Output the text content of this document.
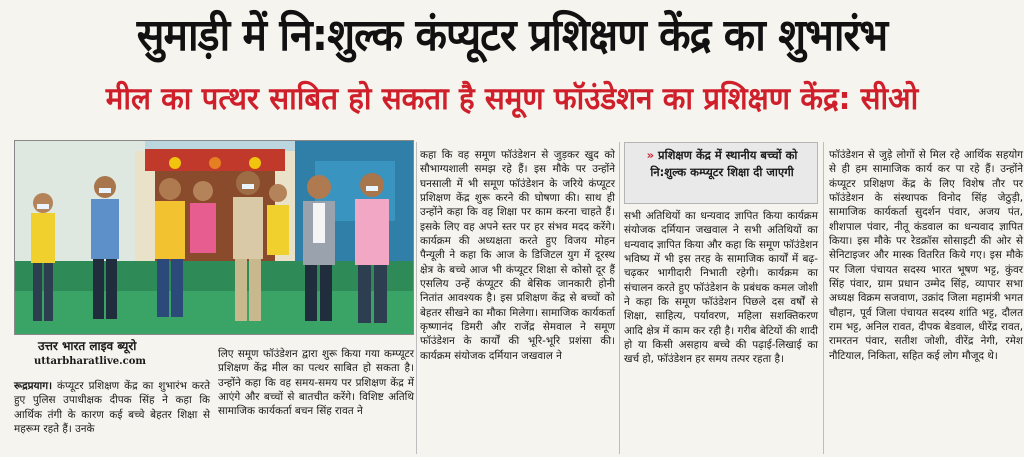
सुमाड़ी में नि:शुल्क कंप्यूटर प्रशिक्षण केंद्र का शुभारंभ
मील का पत्थर साबित हो सकता है समूण फॉउंडेशन का प्रशिक्षण केंद्र: सीओ
उत्तर भारत लाइव ब्यूरो
uttarbharatlive.com

रूद्रप्रयाग। कंप्यूटर प्रशिक्षण केंद्र का शुभारंभ करते हुए पुलिस उपाधीक्षक दीपक सिंह ने कहा कि आर्थिक तंगी के कारण कई बच्चे बेहतर शिक्षा से महरूम रहते हैं। उनके

लिए समूण फॉउंडेशन द्वारा शुरू किया गया कम्प्यूटर प्रशिक्षण केंद्र मील का पत्थर साबित हो सकता है। उन्होंने कहा कि वह समय-समय पर प्रशिक्षण केंद्र में आएंगे और बच्चों से बातचीत करेंगे। विशिष्ट अतिथि सामाजिक कार्यकर्ता बचन सिंह रावत ने

कहा कि वह समूण फॉउंडेशन से जुड़कर खुद को सौभाग्यशाली समझ रहे हैं। इस मौके पर उन्होंने घनसाली में भी समूण फॉउंडेशन के जरिये कंप्यूटर प्रशिक्षण केंद्र शुरू करने की घोषणा की। साथ ही उन्होंने कहा कि वह शिक्षा पर काम करना चाहते हैं। इसके लिए वह अपने स्तर पर हर संभव मदद करेंगे। कार्यक्रम की अध्यक्षता करते हुए विजय मोहन पैन्यूली ने कहा कि आज के डिजिटल युग में दूरस्थ क्षेत्र के बच्चे आज भी कंप्यूटर शिक्षा से कोसो दूर हैं एसलिय उन्हें कंप्यूटर की बेसिक जानकारी होनी नितांत आवश्यक है। इस प्रशिक्षण केंद्र से बच्चों को बेहतर सीखने का मौका मिलेगा। सामाजिक कार्यकर्ता कृष्णानंद डिमरी और राजेंद्र सेमवाल ने समूण फॉउंडेशन के कार्यों की भूरि-भूरि प्रशंसा की। कार्यक्रम संयोजक दर्मियान जखवाल ने

» प्रशिक्षण केंद्र में स्थानीय बच्चों को नि:शुल्क कम्प्यूटर शिक्षा दी जाएगी

सभी अतिथियों का धन्यवाद ज्ञापित किया कार्यक्रम संयोजक दर्मियान जखवाल ने सभी अतिथियों का धन्यवाद ज्ञापित किया और कहा कि समूण फॉउंडेशन भविष्य में भी इस तरह के सामाजिक कार्यों में बढ़-चढ़कर भागीदारी निभाती रहेगी। कार्यक्रम का संचालन करते हुए फॉउंडेशन के प्रबंधक कमल जोशी ने कहा कि समूण फॉउंडेशन पिछले दस वर्षों से शिक्षा, साहित्य, पर्यावरण, महिला सशक्तिकरण आदि क्षेत्र में काम कर रही है। गरीब बेटियों की शादी हो या किसी असहाय बच्चे की पढ़ाई-लिखाई का खर्च हो, फॉउंडेशन हर समय तत्पर रहता है।

फॉउंडेशन से जुड़े लोगों से मिल रहे आर्थिक सहयोग से ही हम सामाजिक कार्य कर पा रहे हैं। उन्होंने कंप्यूटर प्रशिक्षण केंद्र के लिए विशेष तौर पर फॉउंडेशन के संस्थापक विनोद सिंह जेठुड़ी, सामाजिक कार्यकर्ता सुदर्शन पंवार, अजय पंत, शीशपाल पंवार, नीतू कंडवाल का धन्यवाद ज्ञापित किया। इस मौके पर रेडक्रॉस सोसाइटी की ओर से सेनिटाइजर और मास्क वितरित किये गए। इस मौके पर जिला पंचायत सदस्य भारत भूषण भट्ट, कुंवर सिंह पंवार, ग्राम प्रधान उम्मेद सिंह, व्यापार सभा अध्यक्ष विक्रम सजवाण, उक्रांद जिला महामंत्री भगत चौहान, पूर्व जिला पंचायत सदस्य शांति भट्ट, दौलत राम भट्ट, अनिल रावत, दीपक बेडवाल, धीरेंद्र रावत, रामरतन पंवार, सतीश जोशी, वीरेंद्र नेगी, रमेश नौटियाल, निकिता, सहित कई लोग मौजूद थे।
